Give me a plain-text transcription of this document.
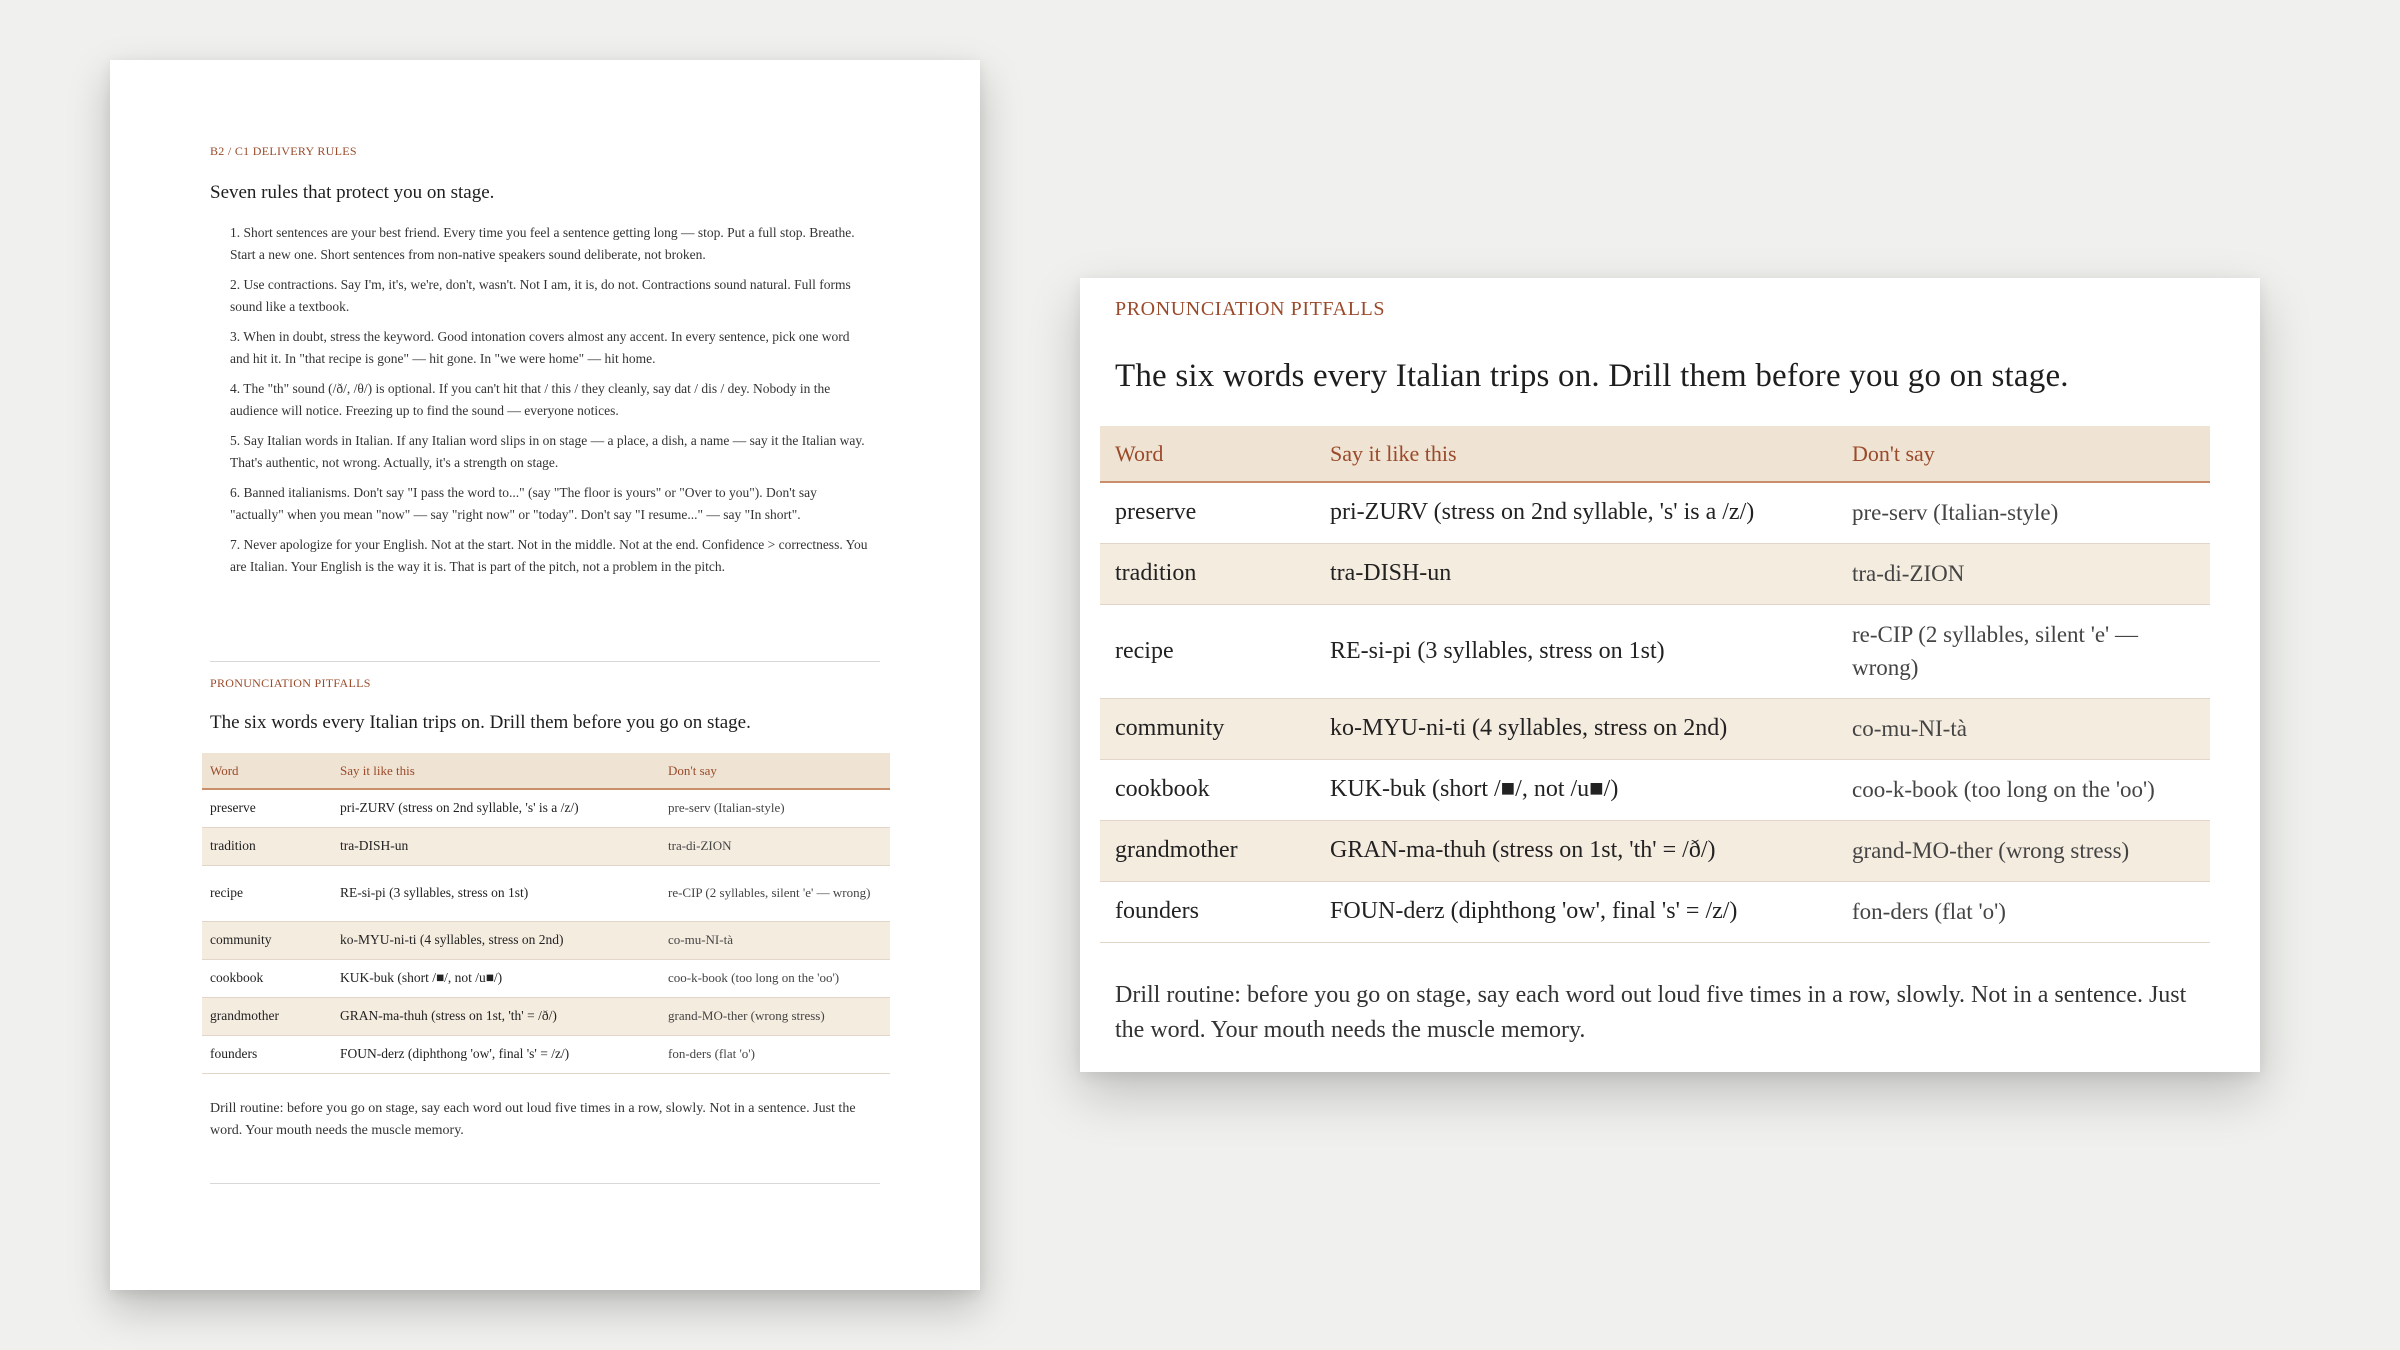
B2 / C1 DELIVERY RULES
Seven rules that protect you on stage.
1. Short sentences are your best friend. Every time you feel a sentence getting long — stop. Put a full stop. Breathe. Start a new one. Short sentences from non-native speakers sound deliberate, not broken.
2. Use contractions. Say I'm, it's, we're, don't, wasn't. Not I am, it is, do not. Contractions sound natural. Full forms sound like a textbook.
3. When in doubt, stress the keyword. Good intonation covers almost any accent. In every sentence, pick one word and hit it. In "that recipe is gone" — hit gone. In "we were home" — hit home.
4. The "th" sound (/ð/, /θ/) is optional. If you can't hit that / this / they cleanly, say dat / dis / dey. Nobody in the audience will notice. Freezing up to find the sound — everyone notices.
5. Say Italian words in Italian. If any Italian word slips in on stage — a place, a dish, a name — say it the Italian way. That's authentic, not wrong. Actually, it's a strength on stage.
6. Banned italianisms. Don't say "I pass the word to..." (say "The floor is yours" or "Over to you"). Don't say "actually" when you mean "now" — say "right now" or "today". Don't say "I resume..." — say "In short".
7. Never apologize for your English. Not at the start. Not in the middle. Not at the end. Confidence > correctness. You are Italian. Your English is the way it is. That is part of the pitch, not a problem in the pitch.
PRONUNCIATION PITFALLS
The six words every Italian trips on. Drill them before you go on stage.
Word	Say it like this	Don't say
preserve	pri-ZURV (stress on 2nd syllable, 's' is a /z/)	pre-serv (Italian-style)
tradition	tra-DISH-un	tra-di-ZION
recipe	RE-si-pi (3 syllables, stress on 1st)	re-CIP (2 syllables, silent 'e' — wrong)
community	ko-MYU-ni-ti (4 syllables, stress on 2nd)	co-mu-NI-tà
cookbook	KUK-buk (short /■/, not /u■/)	coo-k-book (too long on the 'oo')
grandmother	GRAN-ma-thuh (stress on 1st, 'th' = /ð/)	grand-MO-ther (wrong stress)
founders	FOUN-derz (diphthong 'ow', final 's' = /z/)	fon-ders (flat 'o')
Drill routine: before you go on stage, say each word out loud five times in a row, slowly. Not in a sentence. Just the word. Your mouth needs the muscle memory.
PRONUNCIATION PITFALLS
The six words every Italian trips on. Drill them before you go on stage.
Word	Say it like this	Don't say
preserve	pri-ZURV (stress on 2nd syllable, 's' is a /z/)	pre-serv (Italian-style)
tradition	tra-DISH-un	tra-di-ZION
recipe	RE-si-pi (3 syllables, stress on 1st)	re-CIP (2 syllables, silent 'e' — wrong)
community	ko-MYU-ni-ti (4 syllables, stress on 2nd)	co-mu-NI-tà
cookbook	KUK-buk (short /■/, not /u■/)	coo-k-book (too long on the 'oo')
grandmother	GRAN-ma-thuh (stress on 1st, 'th' = /ð/)	grand-MO-ther (wrong stress)
founders	FOUN-derz (diphthong 'ow', final 's' = /z/)	fon-ders (flat 'o')
Drill routine: before you go on stage, say each word out loud five times in a row, slowly. Not in a sentence. Just the word. Your mouth needs the muscle memory.
